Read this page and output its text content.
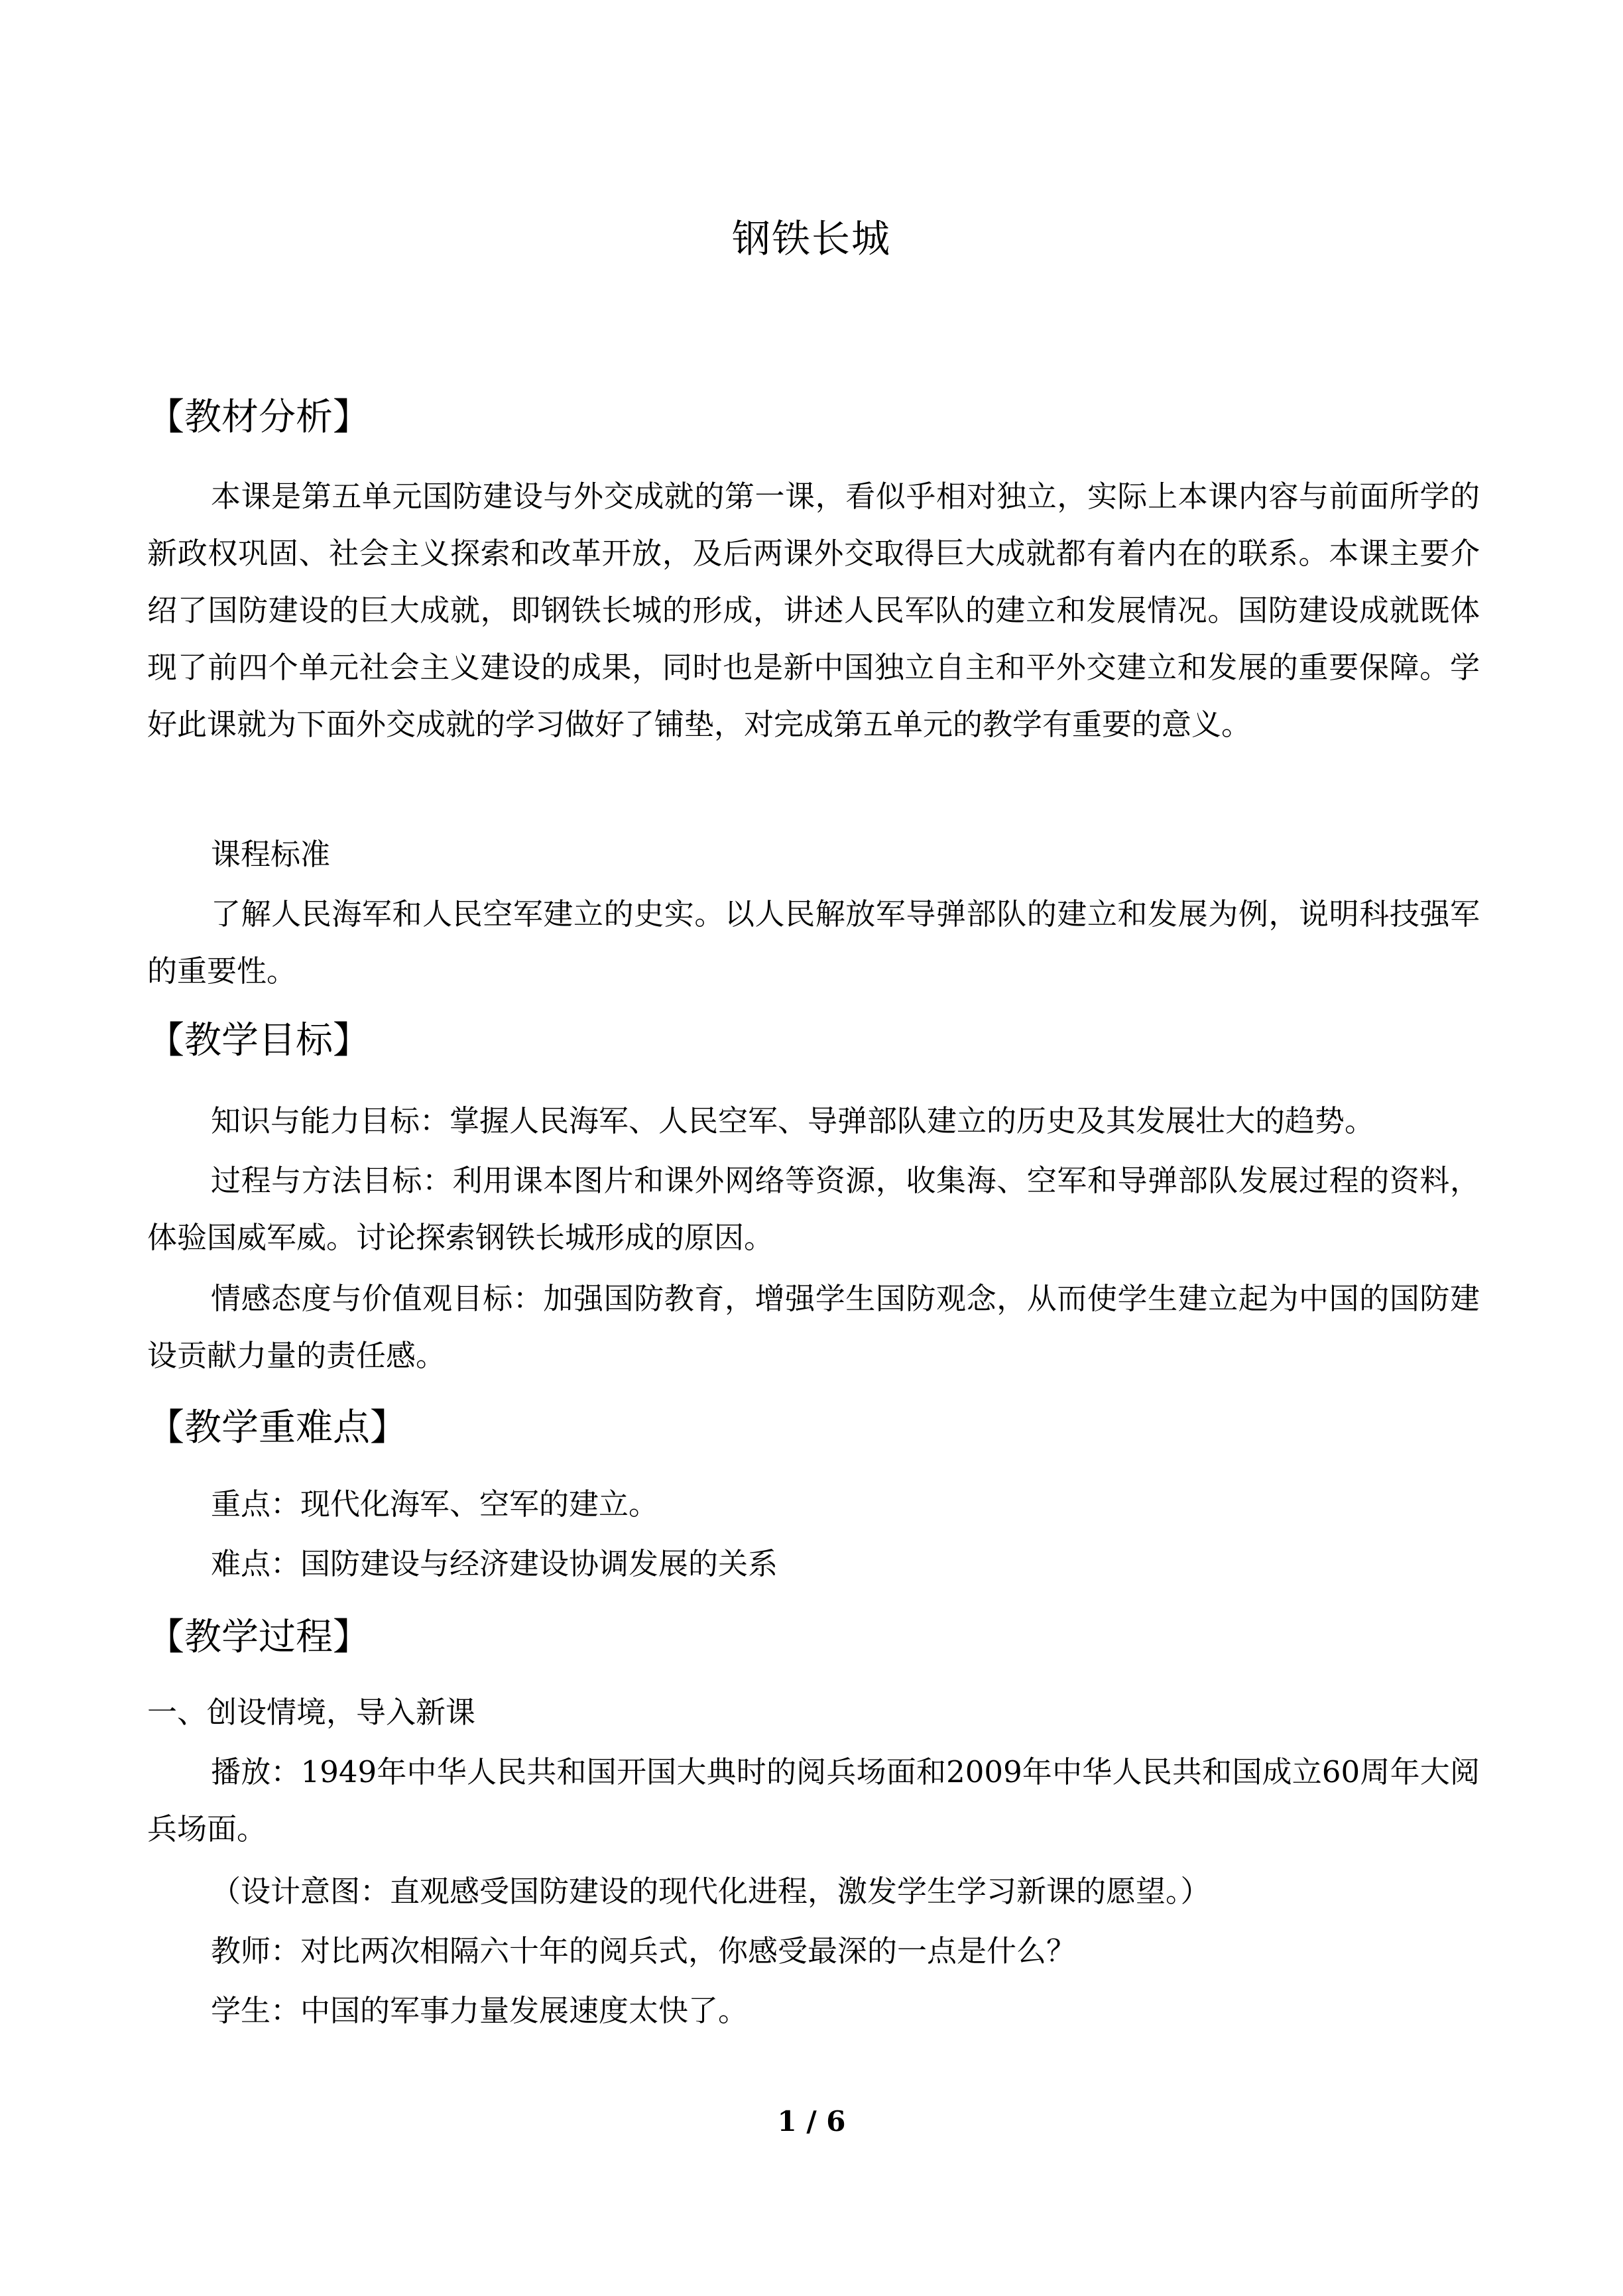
钢铁长城
【教材分析】

本课是第五单元国防建设与外交成就的第一课，看似乎相对独立，实际上本课内容与前面所学的新政权巩固、社会主义探索和改革开放，及后两课外交取得巨大成就都有着内在的联系。本课主要介绍了国防建设的巨大成就，即钢铁长城的形成，讲述人民军队的建立和发展情况。国防建设成就既体现了前四个单元社会主义建设的成果，同时也是新中国独立自主和平外交建立和发展的重要保障。学好此课就为下面外交成就的学习做好了铺垫，对完成第五单元的教学有重要的意义。

课程标准

了解人民海军和人民空军建立的史实。以人民解放军导弹部队的建立和发展为例，说明科技强军的重要性。

【教学目标】

知识与能力目标：掌握人民海军、人民空军、导弹部队建立的历史及其发展壮大的趋势。

过程与方法目标：利用课本图片和课外网络等资源，收集海、空军和导弹部队发展过程的资料，体验国威军威。讨论探索钢铁长城形成的原因。

情感态度与价值观目标：加强国防教育，增强学生国防观念，从而使学生建立起为中国的国防建设贡献力量的责任感。

【教学重难点】

重点：现代化海军、空军的建立。

难点：国防建设与经济建设协调发展的关系

【教学过程】

一、创设情境，导入新课

播放：1949年中华人民共和国开国大典时的阅兵场面和2009年中华人民共和国成立60周年大阅兵场面。

（设计意图：直观感受国防建设的现代化进程，激发学生学习新课的愿望。）

教师：对比两次相隔六十年的阅兵式，你感受最深的一点是什么？

学生：中国的军事力量发展速度太快了。

1 / 6
